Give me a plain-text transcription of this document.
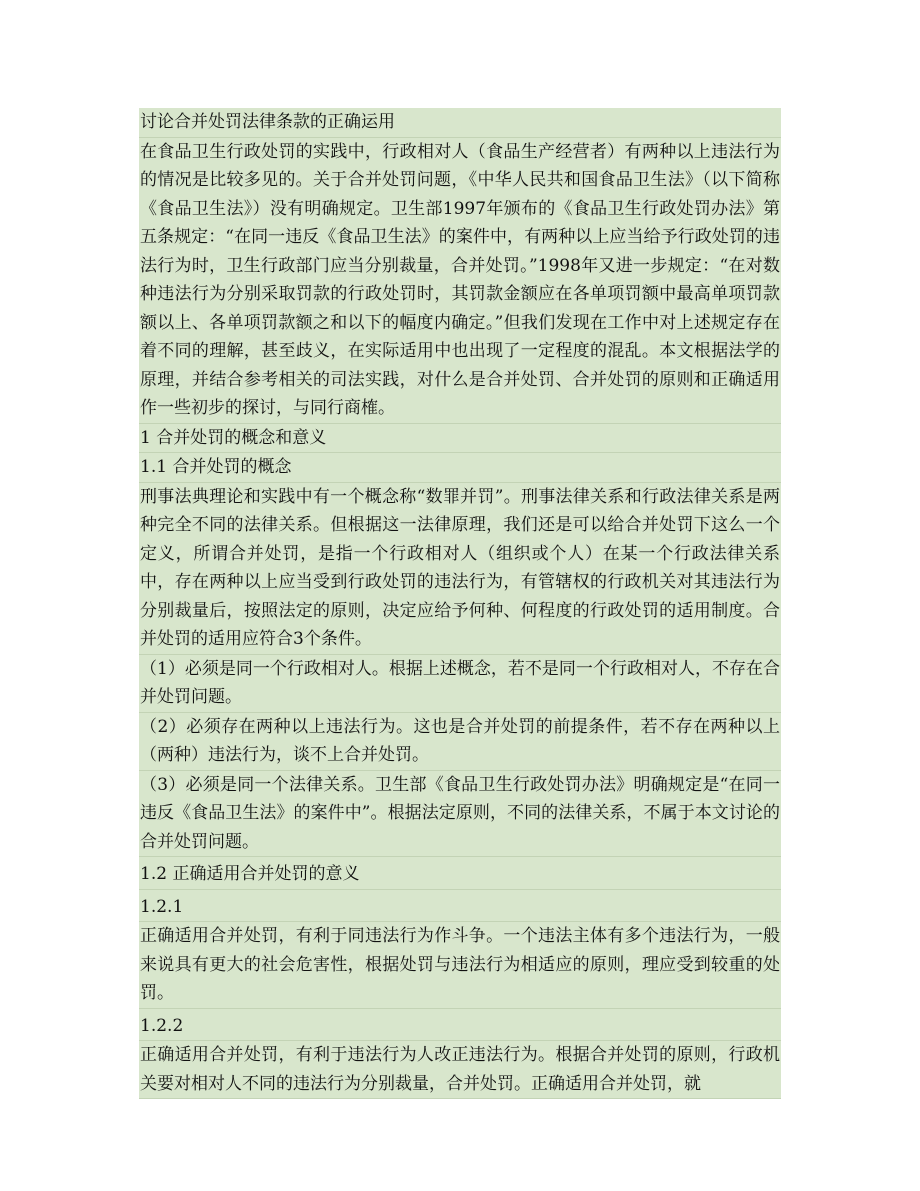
讨论合并处罚法律条款的正确运用

在食品卫生行政处罚的实践中，行政相对人（食品生产经营者）有两种以上违法行为的情况是比较多见的。关于合并处罚问题，《中华人民共和国食品卫生法》（以下简称《食品卫生法》）没有明确规定。卫生部1997年颁布的《食品卫生行政处罚办法》第五条规定：“在同一违反《食品卫生法》的案件中，有两种以上应当给予行政处罚的违法行为时，卫生行政部门应当分别裁量，合并处罚。”1998年又进一步规定：“在对数种违法行为分别采取罚款的行政处罚时，其罚款金额应在各单项罚额中最高单项罚款额以上、各单项罚款额之和以下的幅度内确定。”但我们发现在工作中对上述规定存在着不同的理解，甚至歧义，在实际适用中也出现了一定程度的混乱。本文根据法学的原理，并结合参考相关的司法实践，对什么是合并处罚、合并处罚的原则和正确适用作一些初步的探讨，与同行商榷。

1 合并处罚的概念和意义

1.1 合并处罚的概念

刑事法典理论和实践中有一个概念称“数罪并罚”。刑事法律关系和行政法律关系是两种完全不同的法律关系。但根据这一法律原理，我们还是可以给合并处罚下这么一个定义，所谓合并处罚，是指一个行政相对人（组织或个人）在某一个行政法律关系中，存在两种以上应当受到行政处罚的违法行为，有管辖权的行政机关对其违法行为分别裁量后，按照法定的原则，决定应给予何种、何程度的行政处罚的适用制度。合并处罚的适用应符合3个条件。

（1）必须是同一个行政相对人。根据上述概念，若不是同一个行政相对人，不存在合并处罚问题。

（2）必须存在两种以上违法行为。这也是合并处罚的前提条件，若不存在两种以上（两种）违法行为，谈不上合并处罚。

（3）必须是同一个法律关系。卫生部《食品卫生行政处罚办法》明确规定是“在同一违反《食品卫生法》的案件中”。根据法定原则，不同的法律关系，不属于本文讨论的合并处罚问题。

1.2 正确适用合并处罚的意义

1.2.1

正确适用合并处罚，有利于同违法行为作斗争。一个违法主体有多个违法行为，一般来说具有更大的社会危害性，根据处罚与违法行为相适应的原则，理应受到较重的处罚。

1.2.2

正确适用合并处罚，有利于违法行为人改正违法行为。根据合并处罚的原则，行政机关要对相对人不同的违法行为分别裁量，合并处罚。正确适用合并处罚，就
